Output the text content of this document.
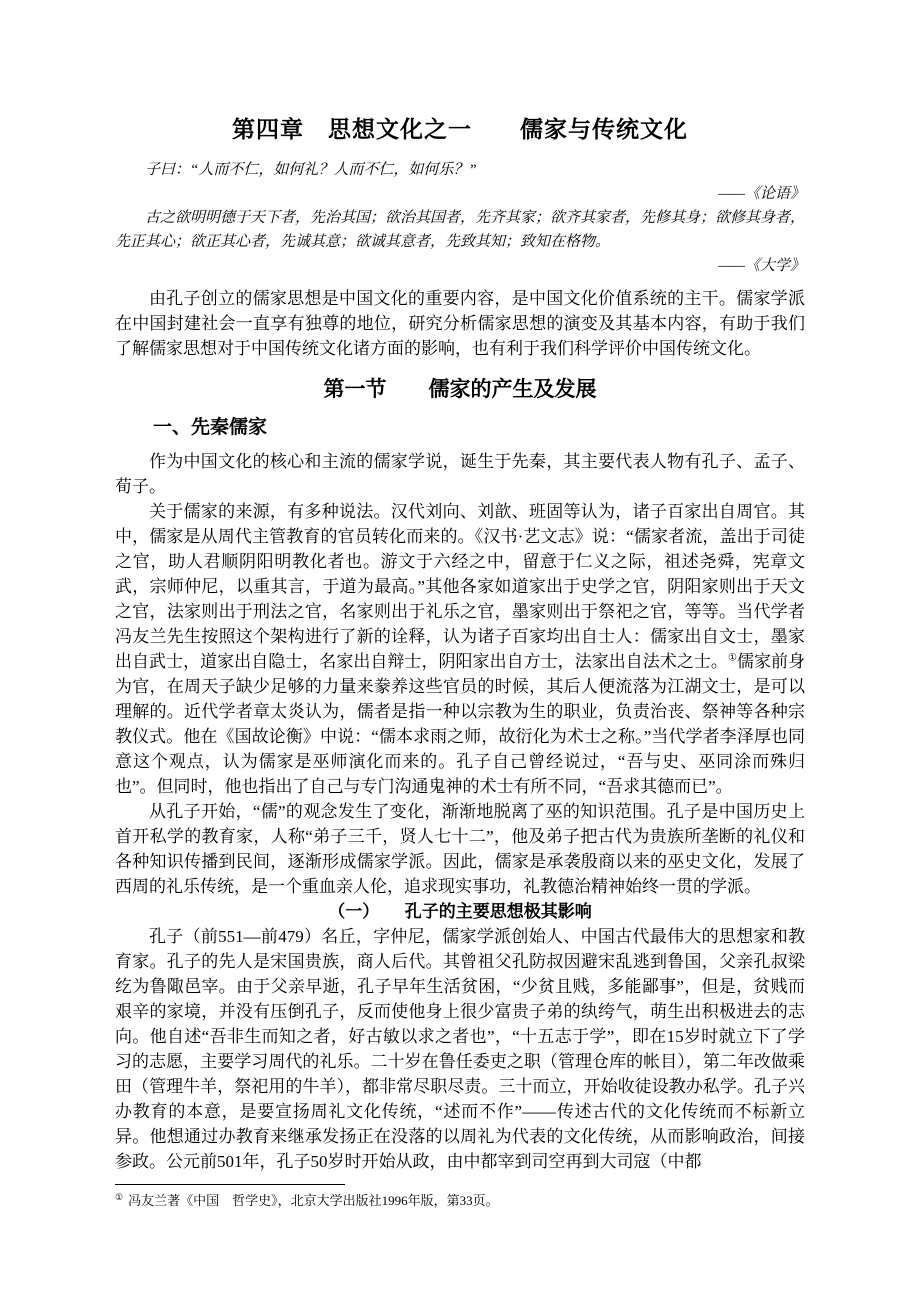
第四章　思想文化之一　　儒家与传统文化

子曰：“人而不仁，如何礼？人而不仁，如何乐？”

——《论语》

古之欲明明德于天下者，先治其国；欲治其国者，先齐其家；欲齐其家者，先修其身；欲修其身者，先正其心；欲正其心者，先诚其意；欲诚其意者，先致其知；致知在格物。

——《大学》

由孔子创立的儒家思想是中国文化的重要内容，是中国文化价值系统的主干。儒家学派在中国封建社会一直享有独尊的地位，研究分析儒家思想的演变及其基本内容，有助于我们了解儒家思想对于中国传统文化诸方面的影响，也有利于我们科学评价中国传统文化。

第一节　　儒家的产生及发展
一、先秦儒家

作为中国文化的核心和主流的儒家学说，诞生于先秦，其主要代表人物有孔子、孟子、荀子。

关于儒家的来源，有多种说法。汉代刘向、刘歆、班固等认为，诸子百家出自周官。其中，儒家是从周代主管教育的官员转化而来的。《汉书·艺文志》说：“儒家者流，盖出于司徒之官，助人君顺阴阳明教化者也。游文于六经之中，留意于仁义之际，祖述尧舜，宪章文武，宗师仲尼，以重其言，于道为最高。”其他各家如道家出于史学之官，阴阳家则出于天文之官，法家则出于刑法之官，名家则出于礼乐之官，墨家则出于祭祀之官，等等。当代学者冯友兰先生按照这个架构进行了新的诠释，认为诸子百家均出自士人：儒家出自文士，墨家出自武士，道家出自隐士，名家出自辩士，阴阳家出自方士，法家出自法术之士。①儒家前身为官，在周天子缺少足够的力量来豢养这些官员的时候，其后人便流落为江湖文士，是可以理解的。近代学者章太炎认为，儒者是指一种以宗教为生的职业，负责治丧、祭神等各种宗教仪式。他在《国故论衡》中说：“儒本求雨之师，故衍化为术士之称。”当代学者李泽厚也同意这个观点，认为儒家是巫师演化而来的。孔子自己曾经说过，“吾与史、巫同涂而殊归也”。但同时，他也指出了自己与专门沟通鬼神的术士有所不同，“吾求其德而已”。

从孔子开始，“儒”的观念发生了变化，渐渐地脱离了巫的知识范围。孔子是中国历史上首开私学的教育家，人称“弟子三千，贤人七十二”，他及弟子把古代为贵族所垄断的礼仪和各种知识传播到民间，逐渐形成儒家学派。因此，儒家是承袭殷商以来的巫史文化，发展了西周的礼乐传统，是一个重血亲人伦，追求现实事功，礼教德治精神始终一贯的学派。

（一）　　孔子的主要思想极其影响

孔子（前551—前479）名丘，字仲尼，儒家学派创始人、中国古代最伟大的思想家和教育家。孔子的先人是宋国贵族，商人后代。其曾祖父孔防叔因避宋乱逃到鲁国，父亲孔叔梁纥为鲁陬邑宰。由于父亲早逝，孔子早年生活贫困，“少贫且贱，多能鄙事”，但是，贫贱而艰辛的家境，并没有压倒孔子，反而使他身上很少富贵子弟的纨绔气，萌生出积极进去的志向。他自述“吾非生而知之者，好古敏以求之者也”，“十五志于学”，即在15岁时就立下了学习的志愿，主要学习周代的礼乐。二十岁在鲁任委吏之职（管理仓库的帐目），第二年改做乘田（管理牛羊，祭祀用的牛羊），都非常尽职尽责。三十而立，开始收徒设教办私学。孔子兴办教育的本意，是要宣扬周礼文化传统，“述而不作”——传述古代的文化传统而不标新立异。他想通过办教育来继承发扬正在没落的以周礼为代表的文化传统，从而影响政治，间接参政。公元前501年，孔子50岁时开始从政，由中都宰到司空再到大司寇（中都

① 冯友兰著《中国　哲学史》，北京大学出版社1996年版，第33页。
